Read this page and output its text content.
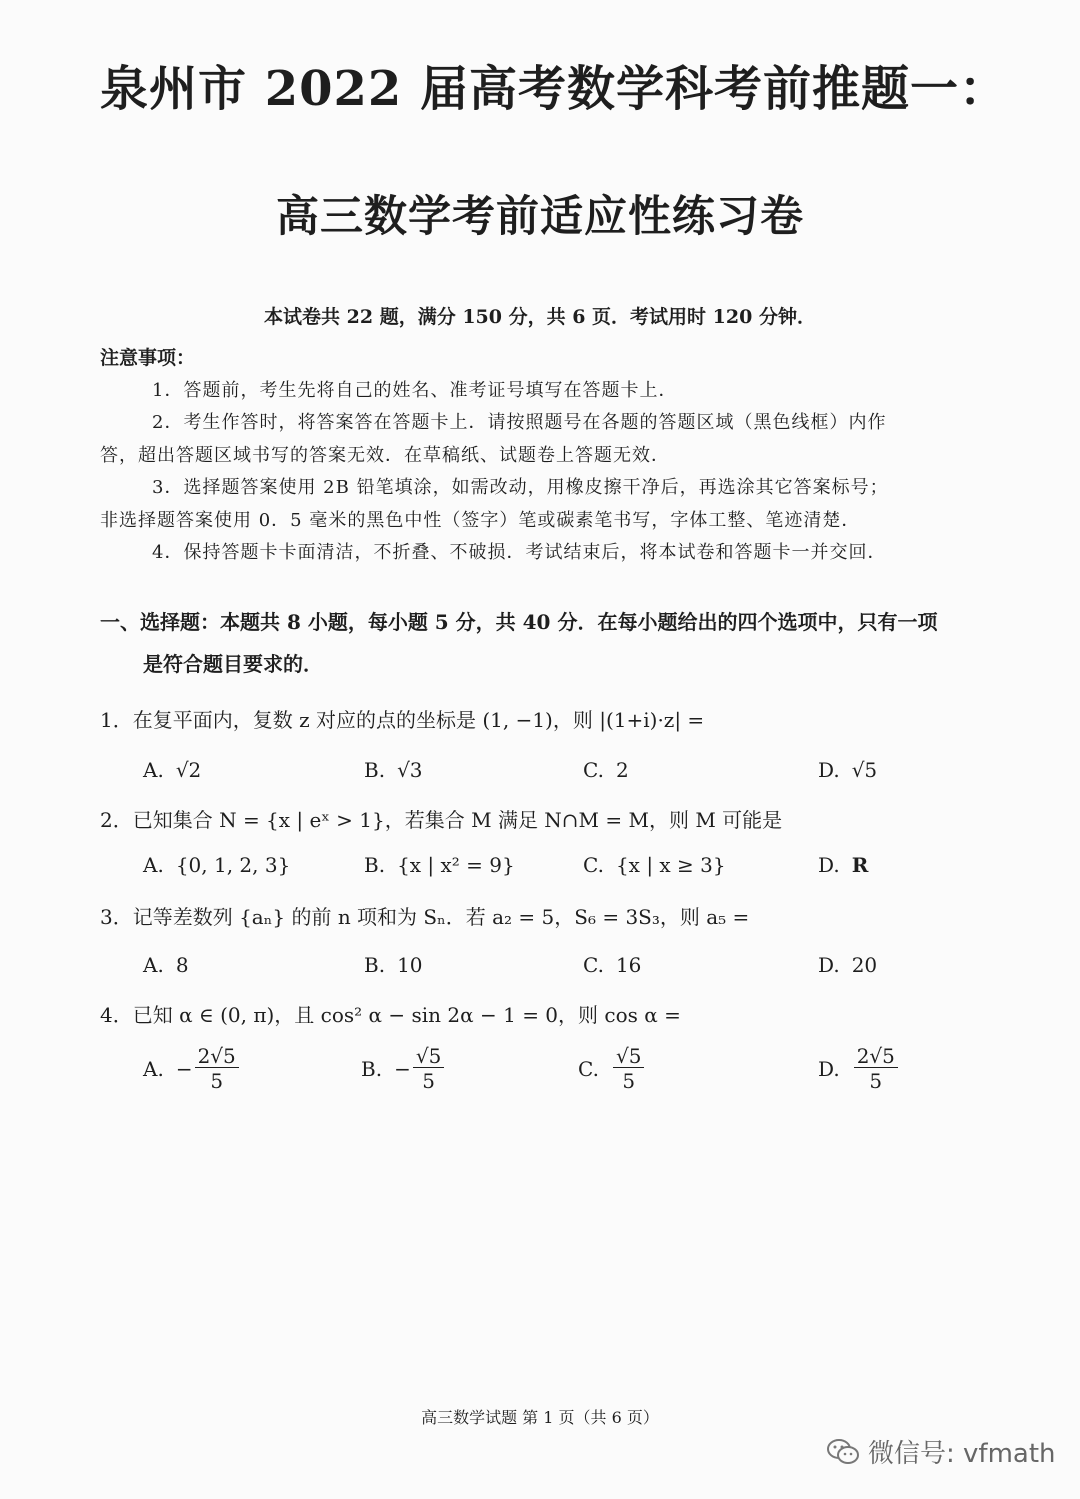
泉州市 2022 届高考数学科考前推题一：
高三数学考前适应性练习卷
本试卷共 22 题，满分 150 分，共 6 页．考试用时 120 分钟．
注意事项：
1．答题前，考生先将自己的姓名、准考证号填写在答题卡上．
2．考生作答时，将答案答在答题卡上．请按照题号在各题的答题区域（黑色线框）内作
答，超出答题区域书写的答案无效．在草稿纸、试题卷上答题无效．
3．选择题答案使用 2B 铅笔填涂，如需改动，用橡皮擦干净后，再选涂其它答案标号；
非选择题答案使用 0．5 毫米的黑色中性（签字）笔或碳素笔书写，字体工整、笔迹清楚．
4．保持答题卡卡面清洁，不折叠、不破损．考试结束后，将本试卷和答题卡一并交回．
一、选择题：本题共 8 小题，每小题 5 分，共 40 分．在每小题给出的四个选项中，只有一项
是符合题目要求的．
1．在复平面内，复数 z 对应的点的坐标是 (1, −1)，则 |(1+i)·z| =
A. √2	B. √3	C. 2	D. √5
2．已知集合 N = {x | eˣ > 1}，若集合 M 满足 N∩M = M，则 M 可能是
A. {0, 1, 2, 3}	B. {x | x² = 9}	C. {x | x ≥ 3}	D. R
3．记等差数列 {aₙ} 的前 n 项和为 Sₙ．若 a₂ = 5，S₆ = 3S₃，则 a₅ =
A. 8	B. 10	C. 16	D. 20
4．已知 α ∈ (0, π)，且 cos² α − sin 2α − 1 = 0，则 cos α =
A. − $\frac{2√5}{5}$	B. − $\frac{√5}{5}$	C. $\frac{√5}{5}$	D. $\frac{2√5}{5}$
高三数学试题 第 1 页（共 6 页）
微信号: vfmath
